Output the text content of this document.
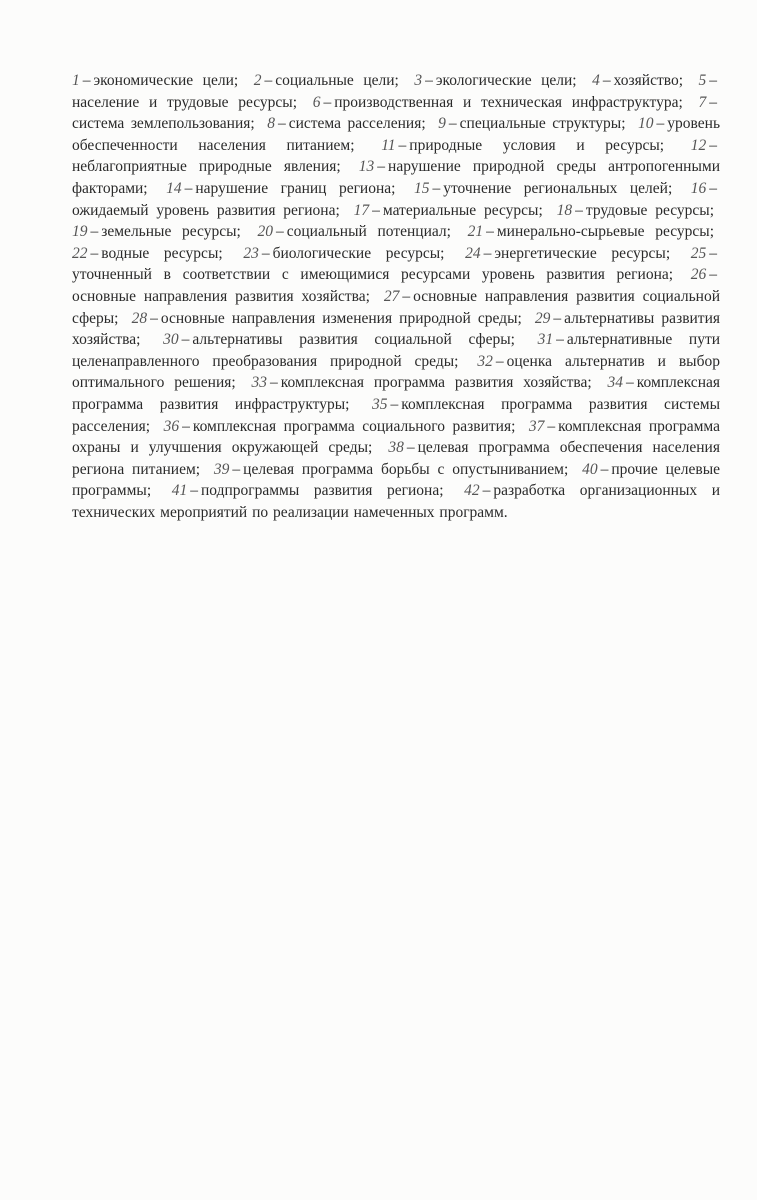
1 – экономические цели; 2 – социальные цели; 3 – экологические цели; 4 – хозяйство; 5 –население и трудовые ресурсы; 6 – производственная и техническая инфраструктура; 7 –система землепользования; 8 – система расселения; 9 – специальные структуры; 10 – уровень обеспеченности населения питанием; 11 – природные условия и ресурсы; 12 –неблагоприятные природные явления; 13 – нарушение природной среды антропогенными факторами; 14 – нарушение границ региона; 15 – уточнение региональных целей; 16 –ожидаемый уровень развития региона; 17 – материальные ресурсы; 18 – трудовые ресурсы; 19 – земельные ресурсы; 20 – социальный потенциал; 21 – минерально-сырьевые ресурсы; 22 – водные ресурсы; 23 – биологические ресурсы; 24 – энергетические ресурсы; 25 –уточненный в соответствии с имеющимися ресурсами уровень развития региона; 26 –основные направления развития хозяйства; 27 – основные направления развития социальной сферы; 28 – основные направления изменения природной среды; 29 – альтернативы развития хозяйства; 30 – альтернативы развития социальной сферы; 31 – альтернативные пути целенаправленного преобразования природной среды; 32 – оценка альтернатив и выбор оптимального решения; 33 – комплексная программа развития хозяйства; 34 – комплексная программа развития инфраструктуры; 35 – комплексная программа развития системы расселения; 36 – комплексная программа социального развития; 37 – комплексная программа охраны и улучшения окружающей среды; 38 – целевая программа обеспечения населения региона питанием; 39 – целевая программа борьбы с опустыниванием; 40 – прочие целевые программы; 41 – подпрограммы развития региона; 42 – разработка организационных и технических мероприятий по реализации намеченных программ.
